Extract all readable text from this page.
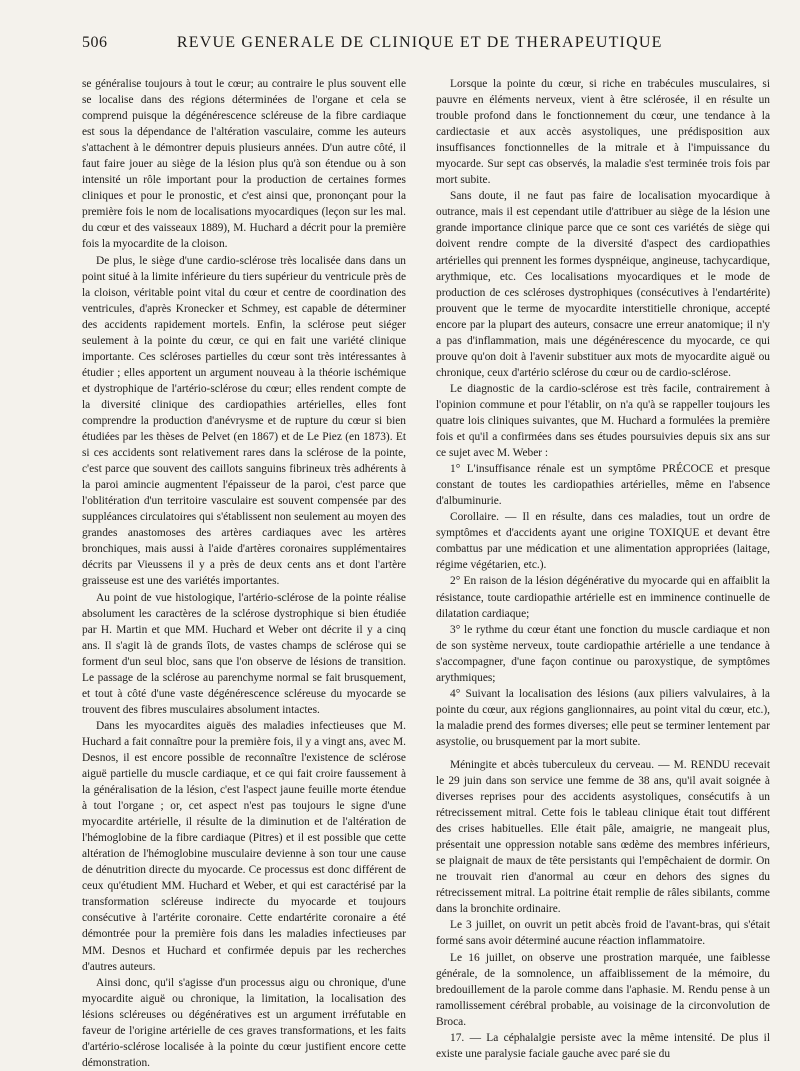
506	REVUE GENERALE DE CLINIQUE ET DE THERAPEUTIQUE

se généralise toujours à tout le cœur; au contraire le plus souvent elle se localise dans des régions déterminées de l'organe et cela se comprend puisque la dégénérescence scléreuse de la fibre cardiaque est sous la dépendance de l'altération vasculaire, comme les auteurs s'attachent à le démontrer depuis plusieurs années. D'un autre côté, il faut faire jouer au siège de la lésion plus qu'à son étendue ou à son intensité un rôle important pour la production de certaines formes cliniques et pour le pronostic, et c'est ainsi que, prononçant pour la première fois le nom de localisations myocardiques (leçon sur les mal. du cœur et des vaisseaux 1889), M. Huchard a décrit pour la première fois la myocardite de la cloison.

De plus, le siège d'une cardio-sclérose très localisée dans dans un point situé à la limite inférieure du tiers supérieur du ventricule près de la cloison, véritable point vital du cœur et centre de coordination des ventricules, d'après Kronecker et Schmey, est capable de déterminer des accidents rapidement mortels. Enfin, la sclérose peut siéger seulement à la pointe du cœur, ce qui en fait une variété clinique importante. Ces scléroses partielles du cœur sont très intéressantes à étudier ; elles apportent un argument nouveau à la théorie ischémique et dystrophique de l'artério-sclérose du cœur; elles rendent compte de la diversité clinique des cardiopathies artérielles, elles font comprendre la production d'anévrysme et de rupture du cœur si bien étudiées par les thèses de Pelvet (en 1867) et de Le Piez (en 1873). Et si ces accidents sont relativement rares dans la sclérose de la pointe, c'est parce que souvent des caillots sanguins fibrineux très adhérents à la paroi amincie augmentent l'épaisseur de la paroi, c'est parce que l'oblitération d'un territoire vasculaire est souvent compensée par des suppléances circulatoires qui s'établissent non seulement au moyen des grandes anastomoses des artères cardiaques avec les artères bronchiques, mais aussi à l'aide d'artères coronaires supplémentaires décrits par Vieussens il y a près de deux cents ans et dont l'artère graisseuse est une des variétés importantes.

Au point de vue histologique, l'artério-sclérose de la pointe réalise absolument les caractères de la sclérose dystrophique si bien étudiée par H. Martin et que MM. Huchard et Weber ont décrite il y a cinq ans. Il s'agit là de grands îlots, de vastes champs de sclérose qui se forment d'un seul bloc, sans que l'on observe de lésions de transition. Le passage de la sclérose au parenchyme normal se fait brusquement, et tout à côté d'une vaste dégénérescence scléreuse du myocarde se trouvent des fibres musculaires absolument intactes.

Dans les myocardites aiguës des maladies infectieuses que M. Huchard a fait connaître pour la première fois, il y a vingt ans, avec M. Desnos, il est encore possible de reconnaître l'existence de sclérose aiguë partielle du muscle cardiaque, et ce qui fait croire faussement à la généralisation de la lésion, c'est l'aspect jaune feuille morte étendue à tout l'organe ; or, cet aspect n'est pas toujours le signe d'une myocardite artérielle, il résulte de la diminution et de l'altération de l'hémoglobine de la fibre cardiaque (Pitres) et il est possible que cette altération de l'hémoglobine musculaire devienne à son tour une cause de dénutrition directe du myocarde. Ce processus est donc différent de ceux qu'étudient MM. Huchard et Weber, et qui est caractérisé par la transformation scléreuse indirecte du myocarde et toujours consécutive à l'artérite coronaire. Cette endartérite coronaire a été démontrée pour la première fois dans les maladies infectieuses par MM. Desnos et Huchard et confirmée depuis par les recherches d'autres auteurs.

Ainsi donc, qu'il s'agisse d'un processus aigu ou chronique, d'une myocardite aiguë ou chronique, la limitation, la localisation des lésions scléreuses ou dégénératives est un argument irréfutable en faveur de l'origine artérielle de ces graves transformations, et les faits d'artério-sclérose localisée à la pointe du cœur justifient encore cette démonstration.

Lorsque la pointe du cœur, si riche en trabécules musculaires, si pauvre en éléments nerveux, vient à être sclérosée, il en résulte un trouble profond dans le fonctionnement du cœur, une tendance à la cardiectasie et aux accès asystoliques, une prédisposition aux insuffisances fonctionnelles de la mitrale et à l'impuissance du myocarde. Sur sept cas observés, la maladie s'est terminée trois fois par mort subite.

Sans doute, il ne faut pas faire de localisation myocardique à outrance, mais il est cependant utile d'attribuer au siège de la lésion une grande importance clinique parce que ce sont ces variétés de siège qui doivent rendre compte de la diversité d'aspect des cardiopathies artérielles qui prennent les formes dyspnéique, angineuse, tachycardique, arythmique, etc. Ces localisations myocardiques et le mode de production de ces scléroses dystrophiques (consécutives à l'endartérite) prouvent que le terme de myocardite interstitielle chronique, accepté encore par la plupart des auteurs, consacre une erreur anatomique; il n'y a pas d'inflammation, mais une dégénérescence du myocarde, ce qui prouve qu'on doit à l'avenir substituer aux mots de myocardite aiguë ou chronique, ceux d'artério sclérose du cœur ou de cardio-sclérose.

Le diagnostic de la cardio-sclérose est très facile, contrairement à l'opinion commune et pour l'établir, on n'a qu'à se rappeller toujours les quatre lois cliniques suivantes, que M. Huchard a formulées la première fois et qu'il a confirmées dans ses études poursuivies depuis six ans sur ce sujet avec M. Weber :

1° L'insuffisance rénale est un symptôme PRÉCOCE et presque constant de toutes les cardiopathies artérielles, même en l'absence d'albuminurie.

Corollaire. — Il en résulte, dans ces maladies, tout un ordre de symptômes et d'accidents ayant une origine TOXIQUE et devant être combattus par une médication et une alimentation appropriées (laitage, régime végétarien, etc.).

2° En raison de la lésion dégénérative du myocarde qui en affaiblit la résistance, toute cardiopathie artérielle est en imminence continuelle de dilatation cardiaque;

3° le rythme du cœur étant une fonction du muscle cardiaque et non de son système nerveux, toute cardiopathie artérielle a une tendance à s'accompagner, d'une façon continue ou paroxystique, de symptômes arythmiques;

4° Suivant la localisation des lésions (aux piliers valvulaires, à la pointe du cœur, aux régions ganglionnaires, au point vital du cœur, etc.), la maladie prend des formes diverses; elle peut se terminer lentement par asystolie, ou brusquement par la mort subite.

Méningite et abcès tuberculeux du cerveau. — M. RENDU recevait le 29 juin dans son service une femme de 38 ans, qu'il avait soignée à diverses reprises pour des accidents asystoliques, consécutifs à un rétrecissement mitral. Cette fois le tableau clinique était tout différent des crises habituelles. Elle était pâle, amaigrie, ne mangeait plus, présentait une oppression notable sans œdème des membres inférieurs, se plaignait de maux de tête persistants qui l'empêchaient de dormir. On ne trouvait rien d'anormal au cœur en dehors des signes du rétrecissement mitral. La poitrine était remplie de râles sibilants, comme dans la bronchite ordinaire.

Le 3 juillet, on ouvrit un petit abcès froid de l'avant-bras, qui s'était formé sans avoir déterminé aucune réaction inflammatoire.

Le 16 juillet, on observe une prostration marquée, une faiblesse générale, de la somnolence, un affaiblissement de la mémoire, du bredouillement de la parole comme dans l'aphasie. M. Rendu pense à un ramollissement cérébral probable, au voisinage de la circonvolution de Broca.

17. — La céphalalgie persiste avec la même intensité. De plus il existe une paralysie faciale gauche avec paré sie du
